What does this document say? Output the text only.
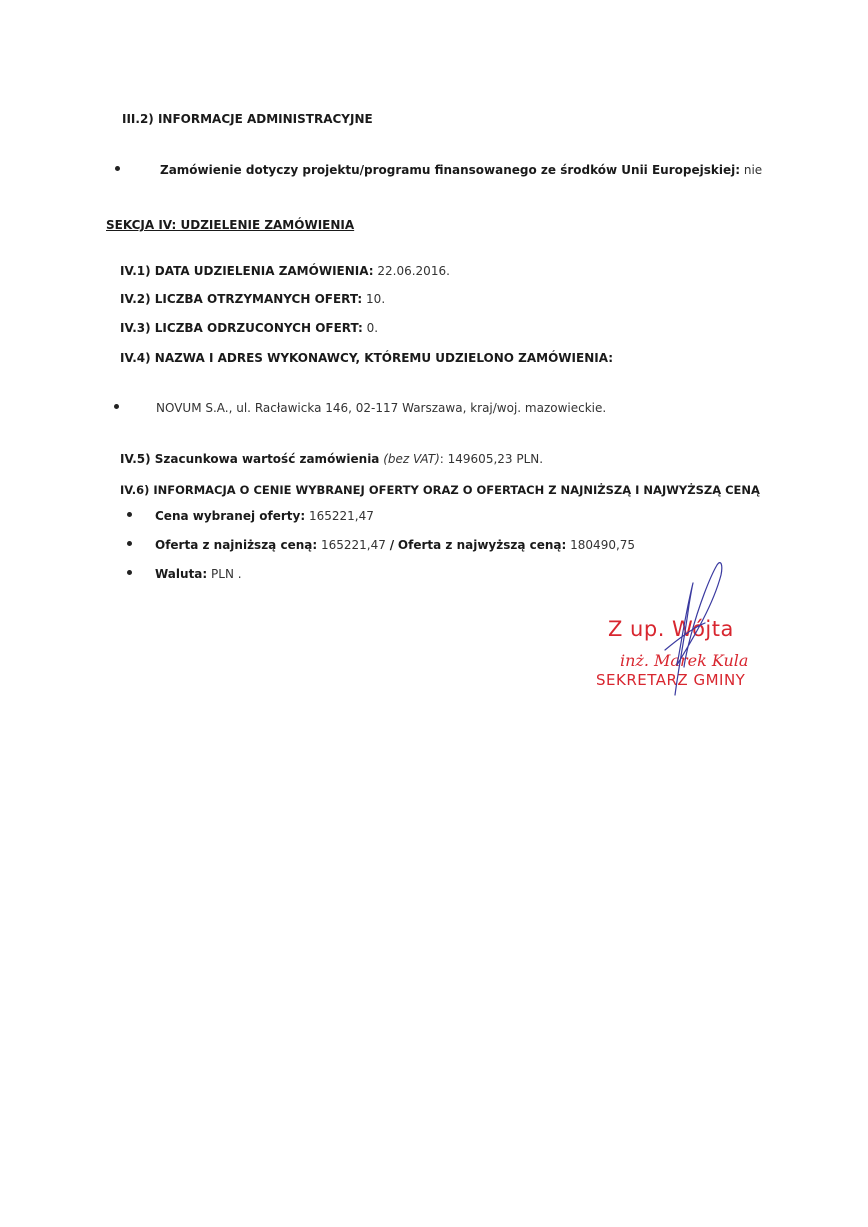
III.2) INFORMACJE ADMINISTRACYJNE
Zamówienie dotyczy projektu/programu finansowanego ze środków Unii Europejskiej: nie
SEKCJA IV: UDZIELENIE ZAMÓWIENIA
IV.1) DATA UDZIELENIA ZAMÓWIENIA: 22.06.2016.
IV.2) LICZBA OTRZYMANYCH OFERT: 10.
IV.3) LICZBA ODRZUCONYCH OFERT: 0.
IV.4) NAZWA I ADRES WYKONAWCY, KTÓREMU UDZIELONO ZAMÓWIENIA:
NOVUM S.A., ul. Racławicka 146, 02-117 Warszawa, kraj/woj. mazowieckie.
IV.5) Szacunkowa wartość zamówienia (bez VAT): 149605,23 PLN.
IV.6) INFORMACJA O CENIE WYBRANEJ OFERTY ORAZ O OFERTACH Z NAJNIŻSZĄ I NAJWYŻSZĄ CENĄ
Cena wybranej oferty: 165221,47
Oferta z najniższą ceną: 165221,47 / Oferta z najwyższą ceną: 180490,75
Waluta: PLN .
Z up. Wójta
inż. Marek Kula
SEKRETARZ GMINY
